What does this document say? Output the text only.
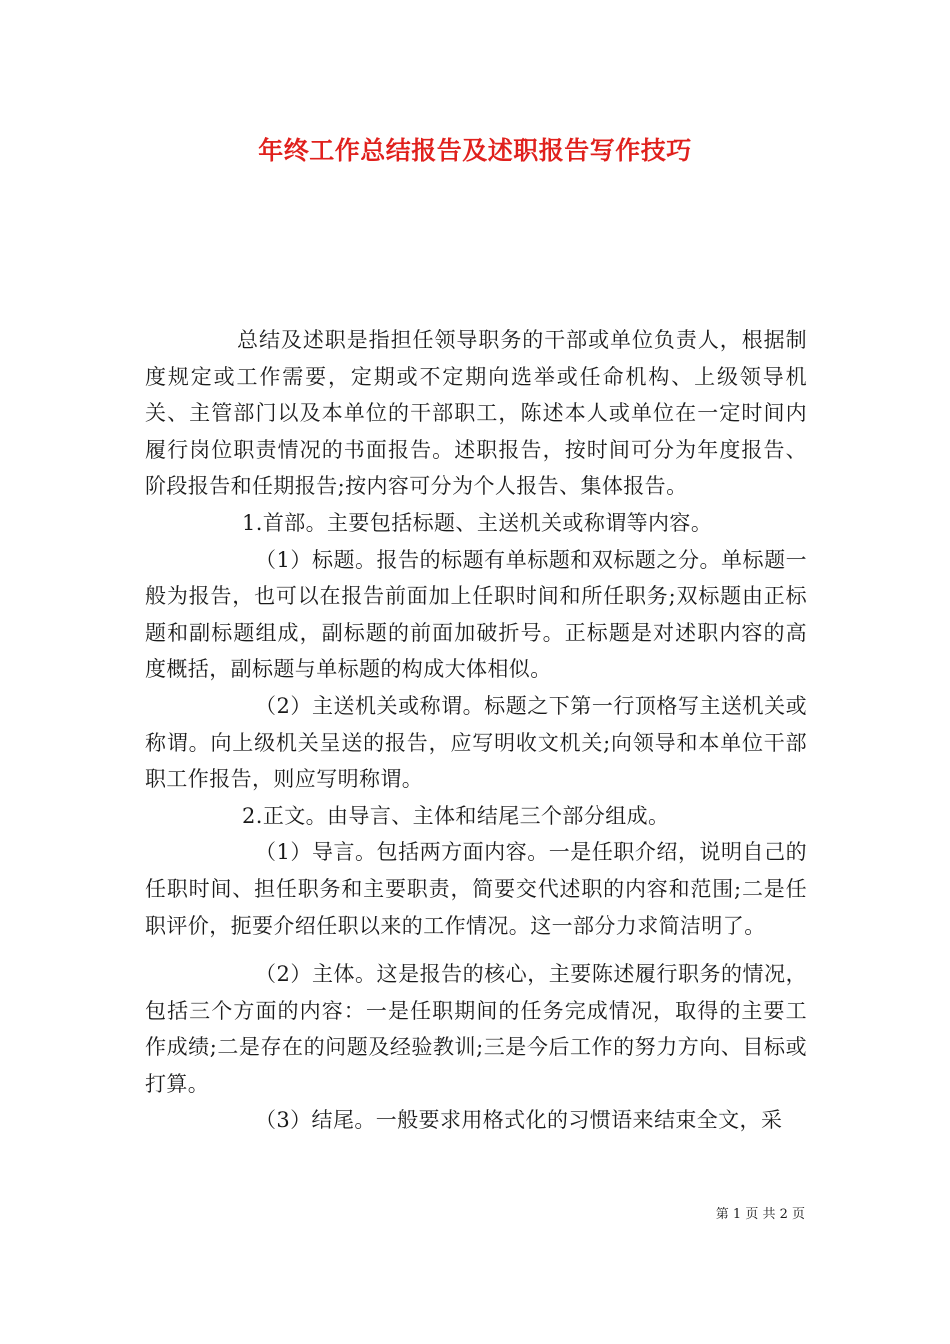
年终工作总结报告及述职报告写作技巧

总结及述职是指担任领导职务的干部或单位负责人，根据制度规定或工作需要，定期或不定期向选举或任命机构、上级领导机关、主管部门以及本单位的干部职工，陈述本人或单位在一定时间内履行岗位职责情况的书面报告。述职报告，按时间可分为年度报告、阶段报告和任期报告;按内容可分为个人报告、集体报告。

1.首部。主要包括标题、主送机关或称谓等内容。

（1）标题。报告的标题有单标题和双标题之分。单标题一般为报告，也可以在报告前面加上任职时间和所任职务;双标题由正标题和副标题组成，副标题的前面加破折号。正标题是对述职内容的高度概括，副标题与单标题的构成大体相似。

（2）主送机关或称谓。标题之下第一行顶格写主送机关或称谓。向上级机关呈送的报告，应写明收文机关;向领导和本单位干部职工作报告，则应写明称谓。

2.正文。由导言、主体和结尾三个部分组成。

（1）导言。包括两方面内容。一是任职介绍，说明自己的任职时间、担任职务和主要职责，简要交代述职的内容和范围;二是任职评价，扼要介绍任职以来的工作情况。这一部分力求简洁明了。

（2）主体。这是报告的核心，主要陈述履行职务的情况，包括三个方面的内容：一是任职期间的任务完成情况，取得的主要工作成绩;二是存在的问题及经验教训;三是今后工作的努力方向、目标或打算。

（3）结尾。一般要求用格式化的习惯语来结束全文，采

第 1 页 共 2 页
